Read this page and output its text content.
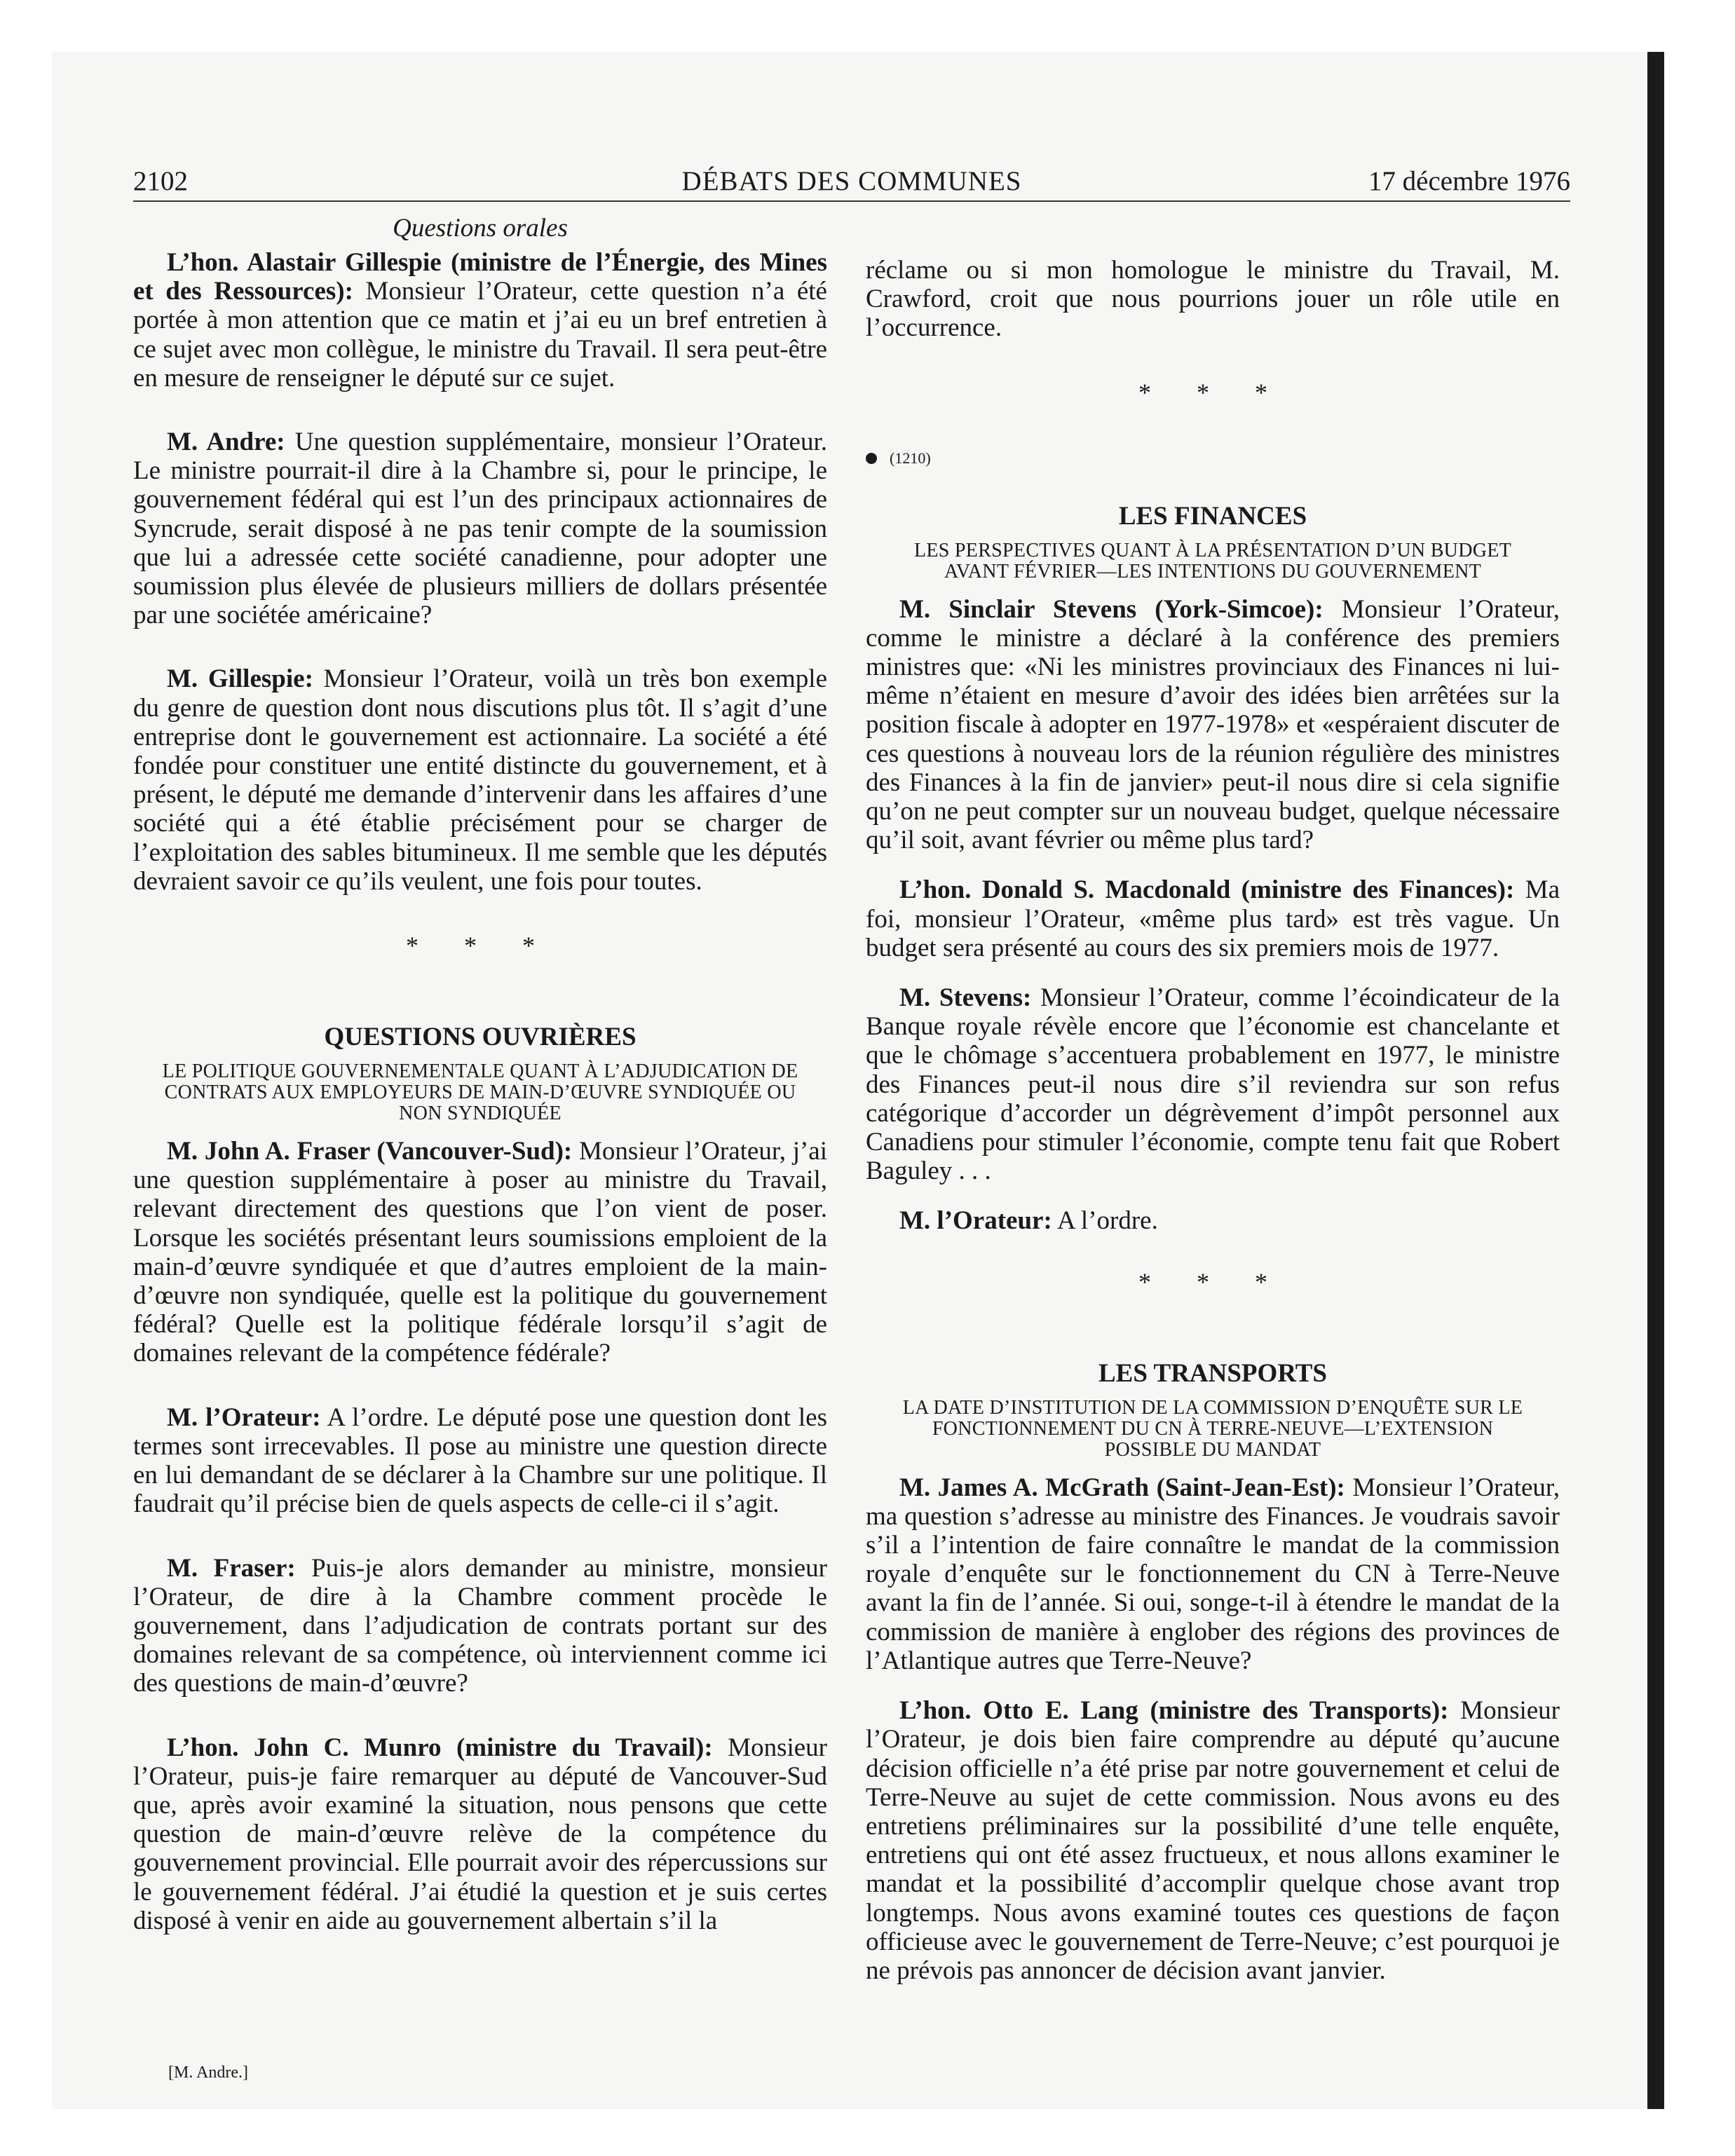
2102	DÉBATS DES COMMUNES	17 décembre 1976
Questions orales

L’hon. Alastair Gillespie (ministre de l’Énergie, des Mines et des Ressources): Monsieur l’Orateur, cette question n’a été portée à mon attention que ce matin et j’ai eu un bref entretien à ce sujet avec mon collègue, le ministre du Travail. Il sera peut-être en mesure de renseigner le député sur ce sujet.

M. Andre: Une question supplémentaire, monsieur l’Orateur. Le ministre pourrait-il dire à la Chambre si, pour le principe, le gouvernement fédéral qui est l’un des principaux actionnaires de Syncrude, serait disposé à ne pas tenir compte de la soumission que lui a adressée cette société canadienne, pour adopter une soumission plus élevée de plusieurs milliers de dollars présentée par une sociétée américaine?

M. Gillespie: Monsieur l’Orateur, voilà un très bon exemple du genre de question dont nous discutions plus tôt. Il s’agit d’une entreprise dont le gouvernement est actionnaire. La société a été fondée pour constituer une entité distincte du gouvernement, et à présent, le député me demande d’intervenir dans les affaires d’une société qui a été établie précisément pour se charger de l’exploitation des sables bitumineux. Il me semble que les députés devraient savoir ce qu’ils veulent, une fois pour toutes.

* * *
QUESTIONS OUVRIÈRES
LE POLITIQUE GOUVERNEMENTALE QUANT À L’ADJUDICATION DE CONTRATS AUX EMPLOYEURS DE MAIN-D’ŒUVRE SYNDIQUÉE OU NON SYNDIQUÉE

M. John A. Fraser (Vancouver-Sud): Monsieur l’Orateur, j’ai une question supplémentaire à poser au ministre du Travail, relevant directement des questions que l’on vient de poser. Lorsque les sociétés présentant leurs soumissions emploient de la main-d’œuvre syndiquée et que d’autres emploient de la main-d’œuvre non syndiquée, quelle est la politique du gouvernement fédéral? Quelle est la politique fédérale lorsqu’il s’agit de domaines relevant de la compétence fédérale?

M. l’Orateur: A l’ordre. Le député pose une question dont les termes sont irrecevables. Il pose au ministre une question directe en lui demandant de se déclarer à la Chambre sur une politique. Il faudrait qu’il précise bien de quels aspects de celle-ci il s’agit.

M. Fraser: Puis-je alors demander au ministre, monsieur l’Orateur, de dire à la Chambre comment procède le gouvernement, dans l’adjudication de contrats portant sur des domaines relevant de sa compétence, où interviennent comme ici des questions de main-d’œuvre?

L’hon. John C. Munro (ministre du Travail): Monsieur l’Orateur, puis-je faire remarquer au député de Vancouver-Sud que, après avoir examiné la situation, nous pensons que cette question de main-d’œuvre relève de la compétence du gouvernement provincial. Elle pourrait avoir des répercussions sur le gouvernement fédéral. J’ai étudié la question et je suis certes disposé à venir en aide au gouvernement albertain s’il la

[M. Andre.]

réclame ou si mon homologue le ministre du Travail, M. Crawford, croit que nous pourrions jouer un rôle utile en l’occurrence.

* * *
(1210)
LES FINANCES
LES PERSPECTIVES QUANT À LA PRÉSENTATION D’UN BUDGET AVANT FÉVRIER—LES INTENTIONS DU GOUVERNEMENT

M. Sinclair Stevens (York-Simcoe): Monsieur l’Orateur, comme le ministre a déclaré à la conférence des premiers ministres que: «Ni les ministres provinciaux des Finances ni lui-même n’étaient en mesure d’avoir des idées bien arrêtées sur la position fiscale à adopter en 1977-1978» et «espéraient discuter de ces questions à nouveau lors de la réunion régulière des ministres des Finances à la fin de janvier» peut-il nous dire si cela signifie qu’on ne peut compter sur un nouveau budget, quelque nécessaire qu’il soit, avant février ou même plus tard?

L’hon. Donald S. Macdonald (ministre des Finances): Ma foi, monsieur l’Orateur, «même plus tard» est très vague. Un budget sera présenté au cours des six premiers mois de 1977.

M. Stevens: Monsieur l’Orateur, comme l’écoindicateur de la Banque royale révèle encore que l’économie est chancelante et que le chômage s’accentuera probablement en 1977, le ministre des Finances peut-il nous dire s’il reviendra sur son refus catégorique d’accorder un dégrèvement d’impôt personnel aux Canadiens pour stimuler l’économie, compte tenu fait que Robert Baguley . . .

M. l’Orateur: A l’ordre.

* * *
LES TRANSPORTS
LA DATE D’INSTITUTION DE LA COMMISSION D’ENQUÊTE SUR LE FONCTIONNEMENT DU CN À TERRE-NEUVE—L’EXTENSION POSSIBLE DU MANDAT

M. James A. McGrath (Saint-Jean-Est): Monsieur l’Orateur, ma question s’adresse au ministre des Finances. Je voudrais savoir s’il a l’intention de faire connaître le mandat de la commission royale d’enquête sur le fonctionnement du CN à Terre-Neuve avant la fin de l’année. Si oui, songe-t-il à étendre le mandat de la commission de manière à englober des régions des provinces de l’Atlantique autres que Terre-Neuve?

L’hon. Otto E. Lang (ministre des Transports): Monsieur l’Orateur, je dois bien faire comprendre au député qu’aucune décision officielle n’a été prise par notre gouvernement et celui de Terre-Neuve au sujet de cette commission. Nous avons eu des entretiens préliminaires sur la possibilité d’une telle enquête, entretiens qui ont été assez fructueux, et nous allons examiner le mandat et la possibilité d’accomplir quelque chose avant trop longtemps. Nous avons examiné toutes ces questions de façon officieuse avec le gouvernement de Terre-Neuve; c’est pourquoi je ne prévois pas annoncer de décision avant janvier.
